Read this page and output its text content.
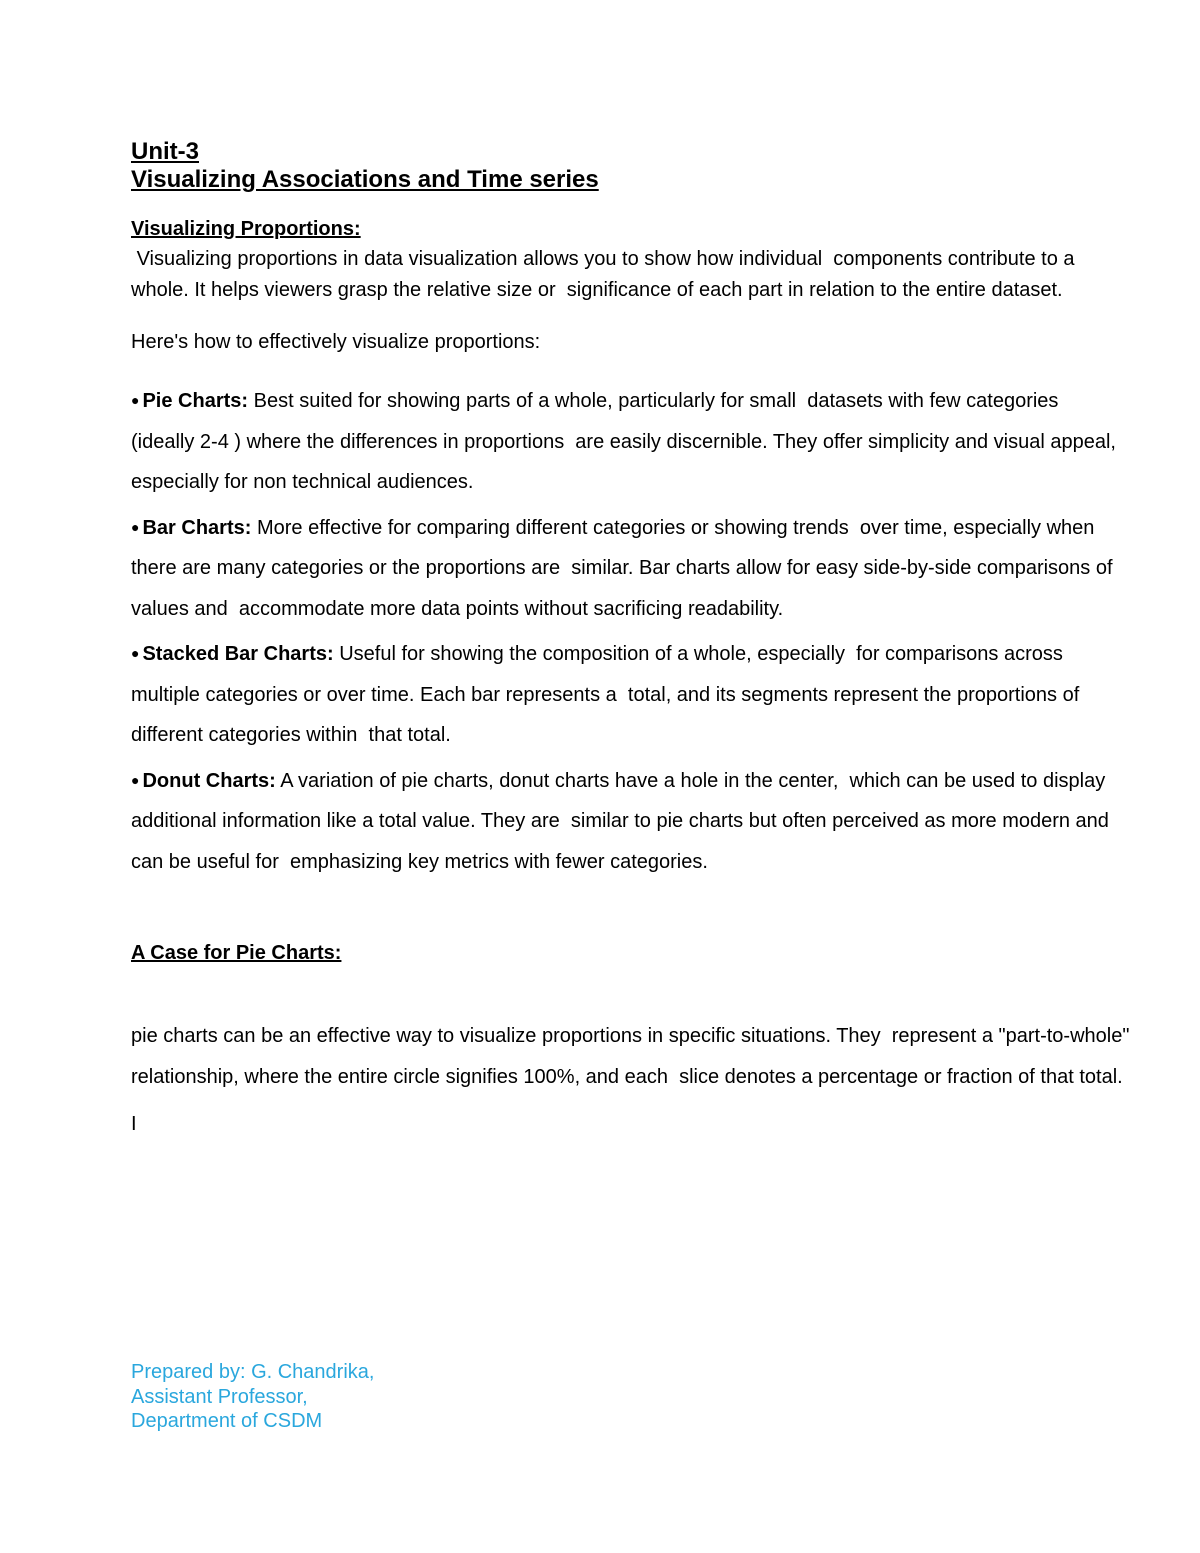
Unit-3
Visualizing Associations and Time series
Visualizing Proportions:

Visualizing proportions in data visualization allows you to show how individual  components contribute to a whole. It helps viewers grasp the relative size or  significance of each part in relation to the entire dataset.

Here's how to effectively visualize proportions:

● Pie Charts: Best suited for showing parts of a whole, particularly for small  datasets with few categories (ideally 2-4 ) where the differences in proportions  are easily discernible. They offer simplicity and visual appeal, especially for non technical audiences.

● Bar Charts: More effective for comparing different categories or showing trends  over time, especially when there are many categories or the proportions are  similar. Bar charts allow for easy side-by-side comparisons of values and  accommodate more data points without sacrificing readability.

● Stacked Bar Charts: Useful for showing the composition of a whole, especially  for comparisons across multiple categories or over time. Each bar represents a  total, and its segments represent the proportions of different categories within  that total.

● Donut Charts: A variation of pie charts, donut charts have a hole in the center,  which can be used to display additional information like a total value. They are  similar to pie charts but often perceived as more modern and can be useful for  emphasizing key metrics with fewer categories.

A Case for Pie Charts:

pie charts can be an effective way to visualize proportions in specific situations. They  represent a "part-to-whole" relationship, where the entire circle signifies 100%, and each  slice denotes a percentage or fraction of that total.

I
Prepared by: G. Chandrika,
Assistant Professor,
Department of CSDM
